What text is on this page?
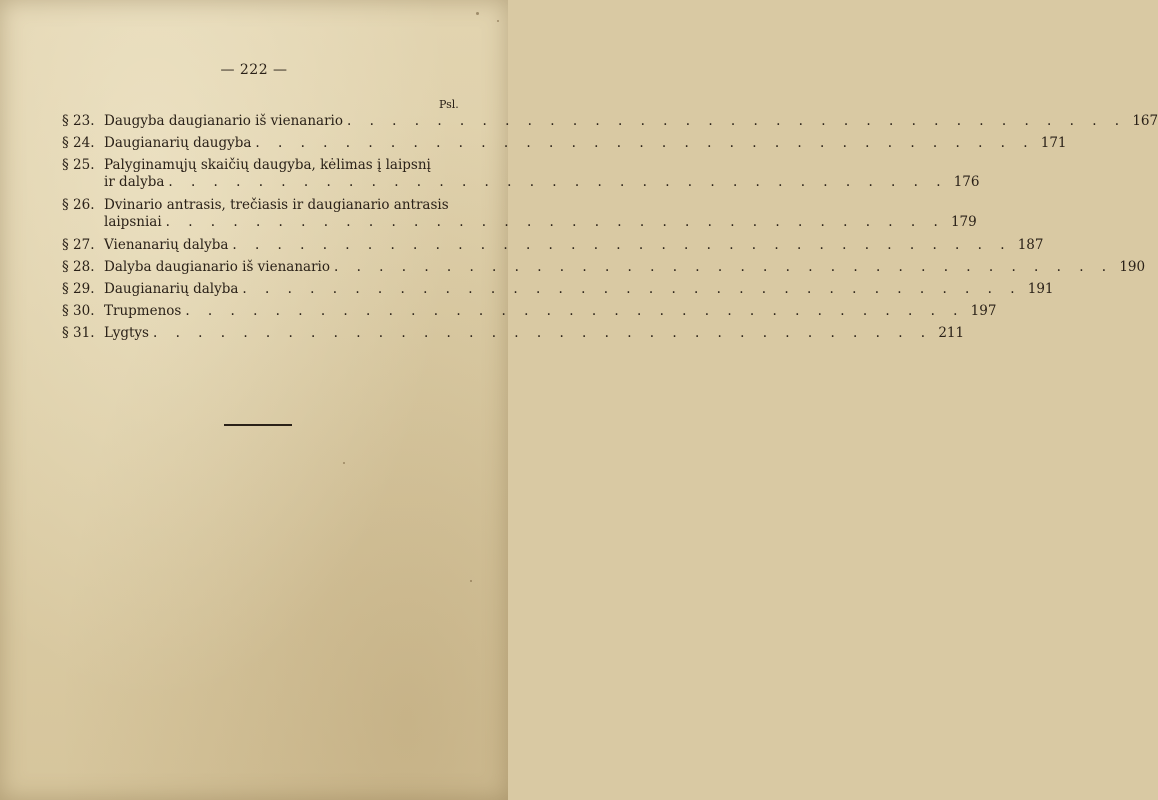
— 222 —
Psl.
§ 23. Daugyba daugianario iš vienanario . . .	167
§ 24. Daugianarių daugyba . . .	171
§ 25. Palyginamųjų skaičių daugyba, kėlimas į laipsnį
ir dalyba . . .	176
§ 26. Dvinario antrasis, trečiasis ir daugianario antrasis
laipsniai . . .	179
§ 27. Vienanarių dalyba . . .	187
§ 28. Dalyba daugianario iš vienanario . . .	190
§ 29. Daugianarių dalyba . . .	191
§ 30. Trupmenos . . .	197
§ 31. Lygtys . . .	211
